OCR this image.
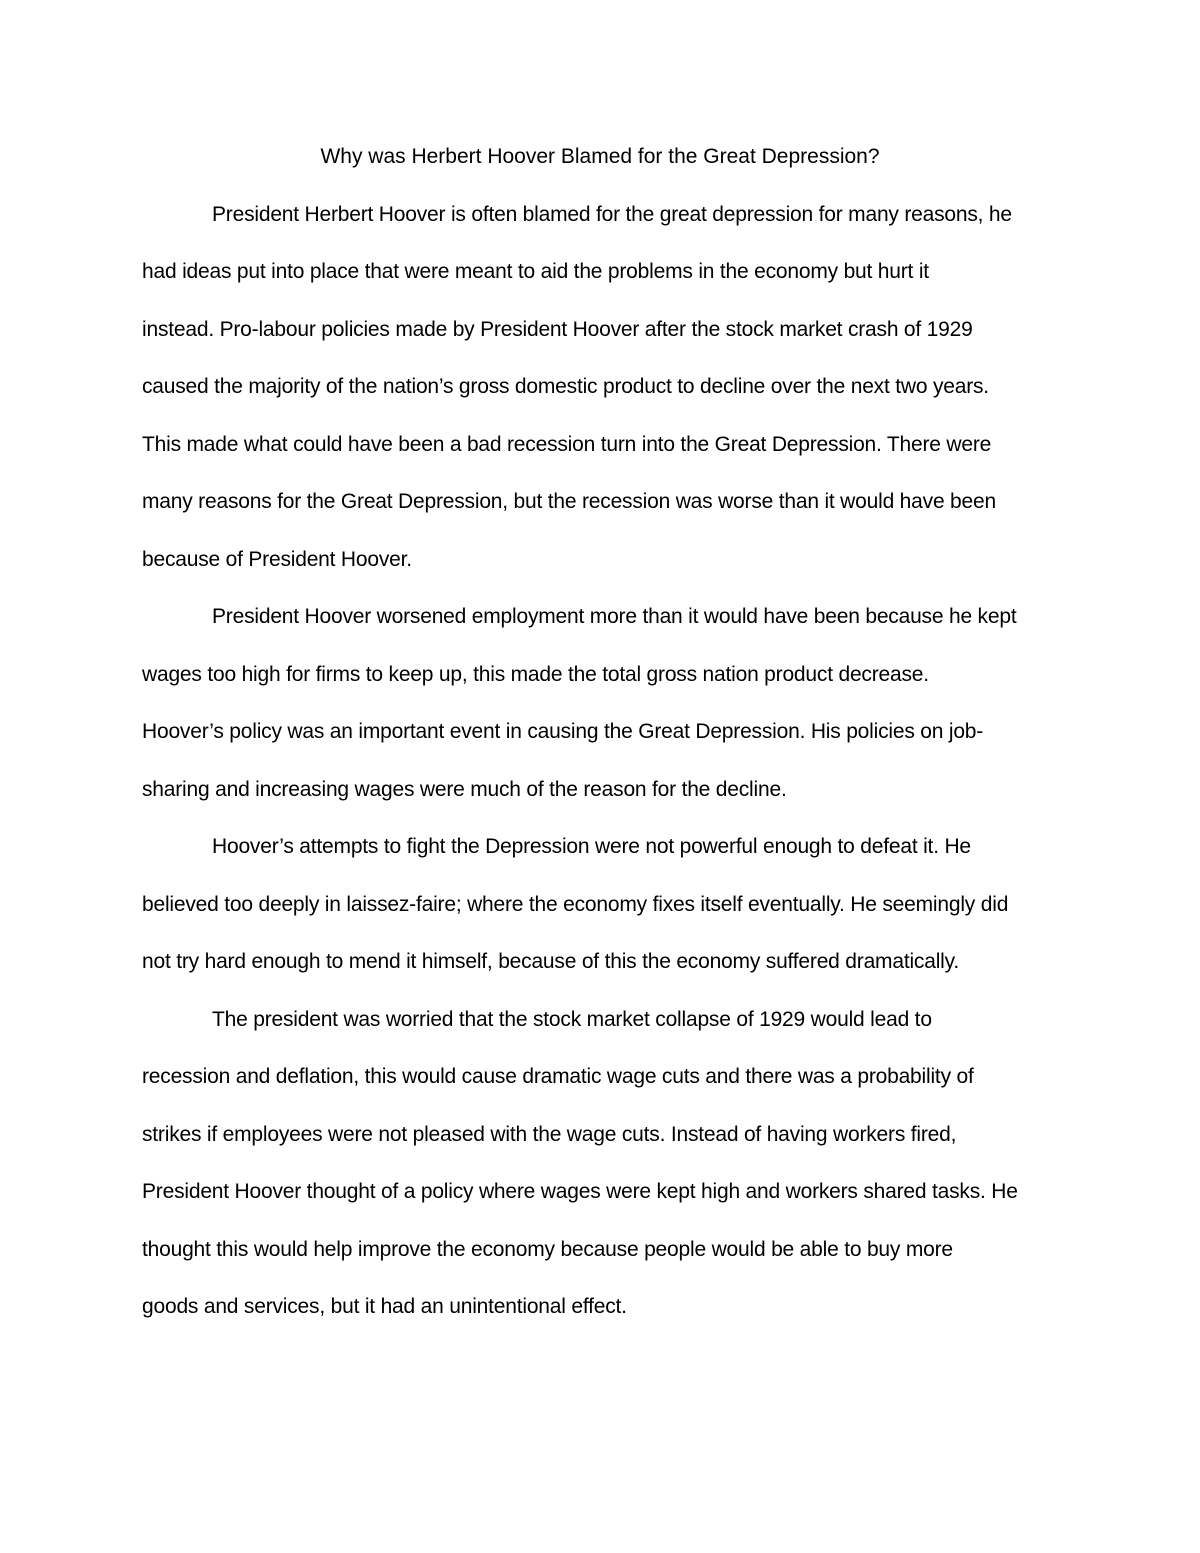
Why was Herbert Hoover Blamed for the Great Depression?
President Herbert Hoover is often blamed for the great depression for many reasons, he
had ideas put into place that were meant to aid the problems in the economy but hurt it
instead. Pro-labour policies made by President Hoover after the stock market crash of 1929
caused the majority of the nation’s gross domestic product to decline over the next two years.
This made what could have been a bad recession turn into the Great Depression. There were
many reasons for the Great Depression, but the recession was worse than it would have been
because of President Hoover.
President Hoover worsened employment more than it would have been because he kept
wages too high for firms to keep up, this made the total gross nation product decrease.
Hoover’s policy was an important event in causing the Great Depression. His policies on job-
sharing and increasing wages were much of the reason for the decline.
Hoover’s attempts to fight the Depression were not powerful enough to defeat it. He
believed too deeply in laissez-faire; where the economy fixes itself eventually. He seemingly did
not try hard enough to mend it himself, because of this the economy suffered dramatically.
The president was worried that the stock market collapse of 1929 would lead to
recession and deflation, this would cause dramatic wage cuts and there was a probability of
strikes if employees were not pleased with the wage cuts. Instead of having workers fired,
President Hoover thought of a policy where wages were kept high and workers shared tasks. He
thought this would help improve the economy because people would be able to buy more
goods and services, but it had an unintentional effect.
